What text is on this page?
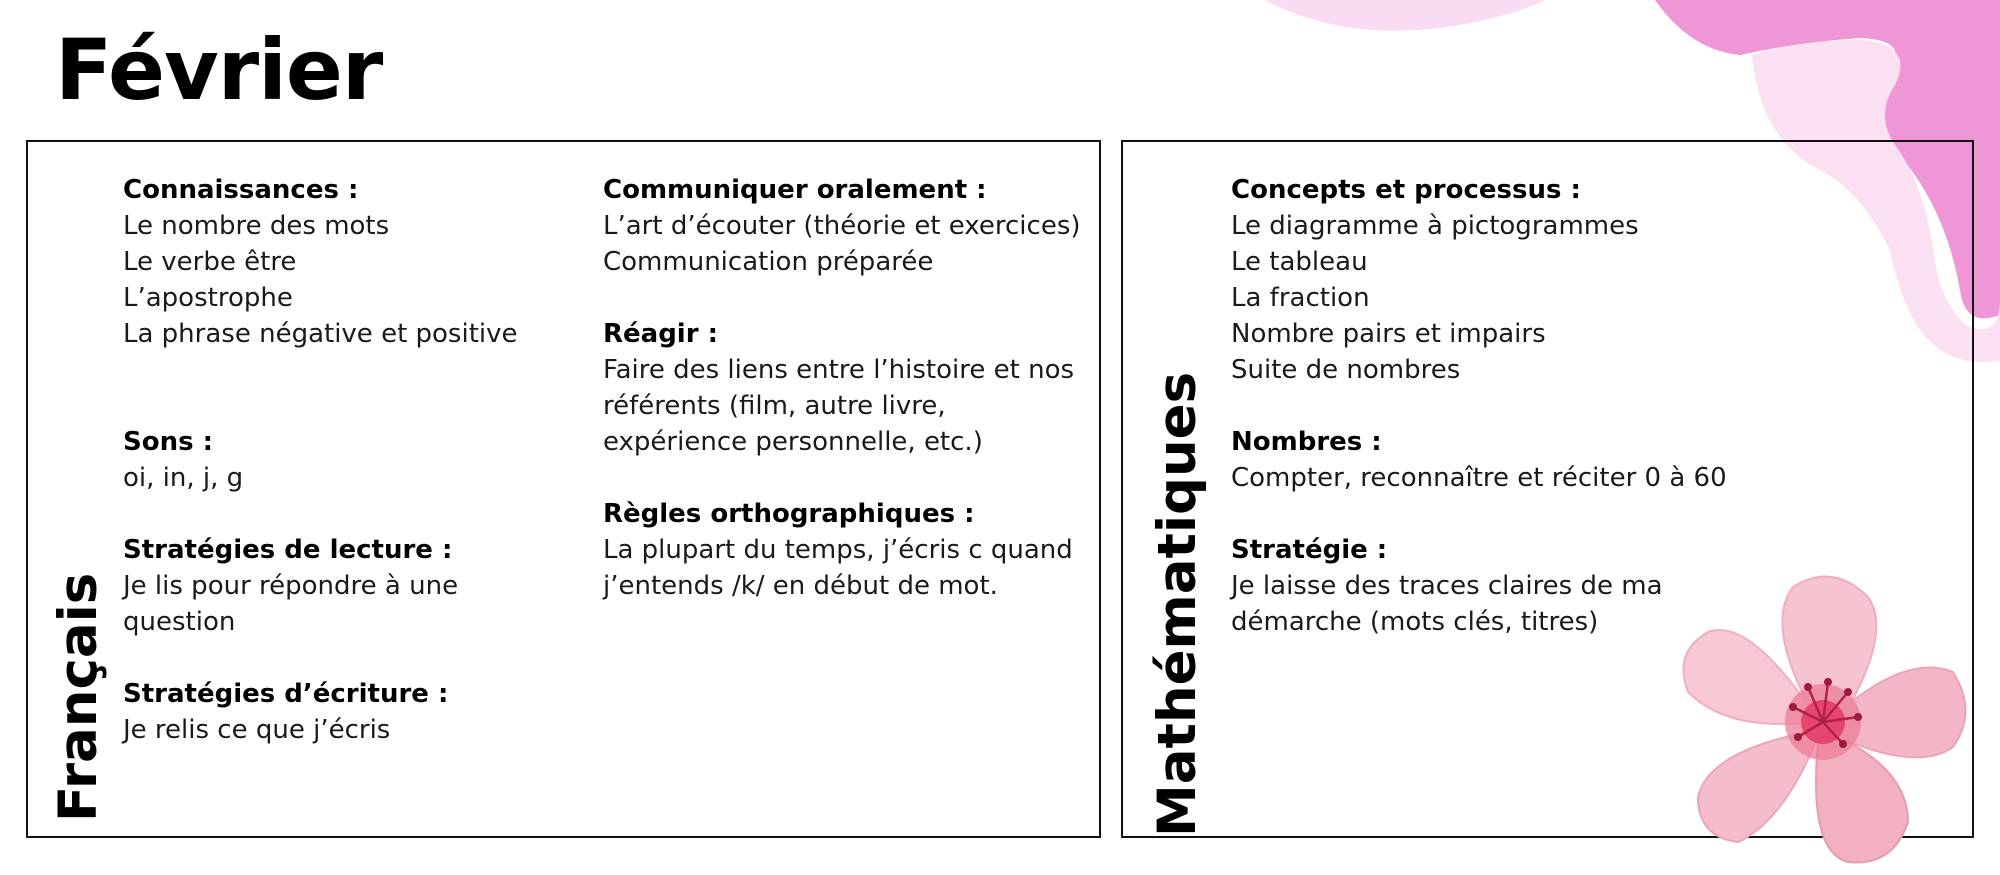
Février
Français

Connaissances :

Le nombre des mots
Le verbe être
L’apostrophe
La phrase négative et positive

Sons :

oi, in, j, g

Stratégies de lecture :

Je lis pour répondre à une
question

Stratégies d’écriture :

Je relis ce que j’écris

Communiquer oralement :

L’art d’écouter (théorie et exercices)
Communication préparée

Réagir :

Faire des liens entre l’histoire et nos
référents (film, autre livre,
expérience personnelle, etc.)

Règles orthographiques :

La plupart du temps, j’écris c quand
j’entends /k/ en début de mot.	Mathématiques

Concepts et processus :

Le diagramme à pictogrammes
Le tableau
La fraction
Nombre pairs et impairs
Suite de nombres

Nombres :

Compter, reconnaître et réciter 0 à 60

Stratégie :

Je laisse des traces claires de ma
démarche (mots clés, titres)
